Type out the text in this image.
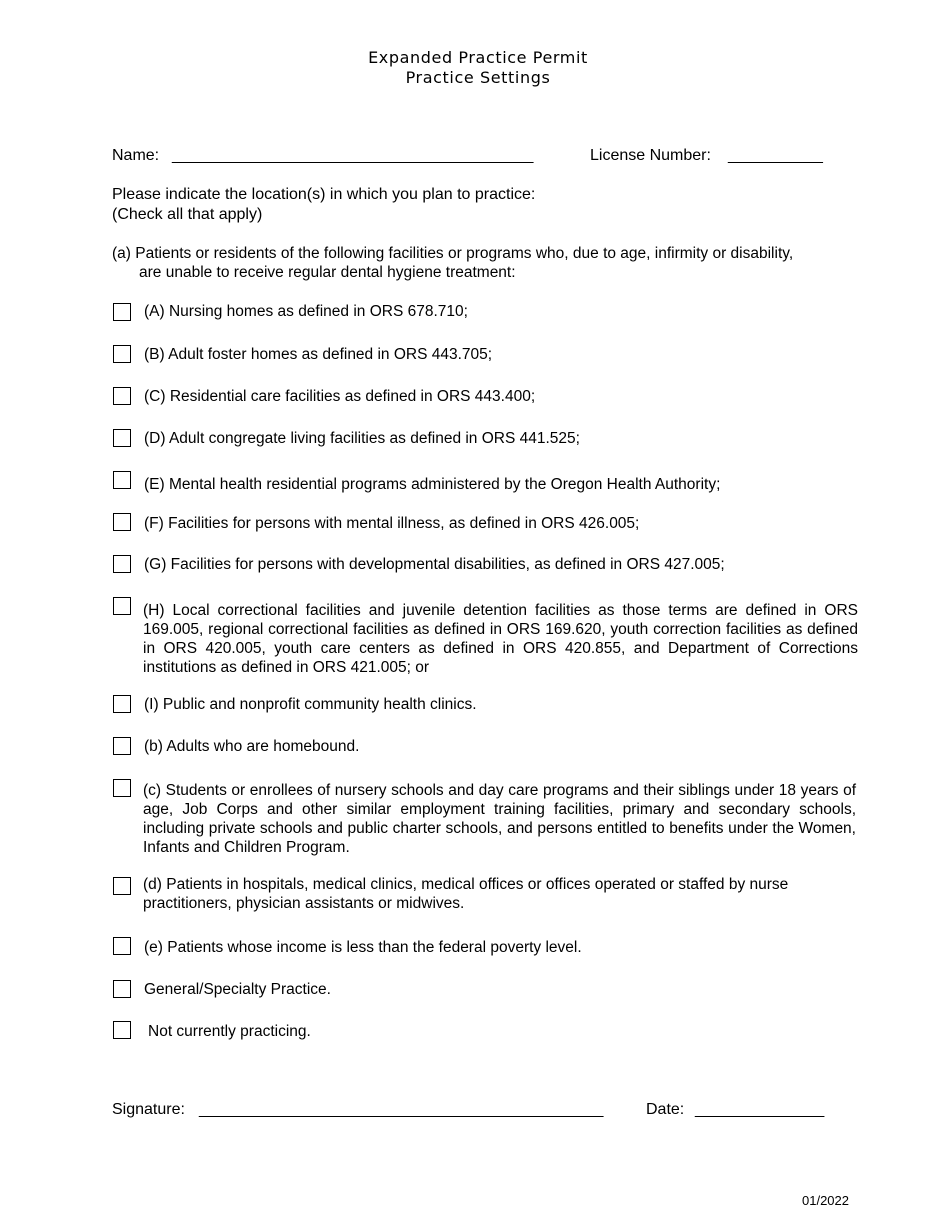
Expanded Practice Permit
Practice Settings
Name: __________________________________________	License Number: ___________
Please indicate the location(s) in which you plan to practice:
(Check all that apply)
(a) Patients or residents of the following facilities or programs who, due to age, infirmity or disability,
are unable to receive regular dental hygiene treatment:
(A) Nursing homes as defined in ORS 678.710;
(B) Adult foster homes as defined in ORS 443.705;
(C) Residential care facilities as defined in ORS 443.400;
(D) Adult congregate living facilities as defined in ORS 441.525;
(E) Mental health residential programs administered by the Oregon Health Authority;
(F) Facilities for persons with mental illness, as defined in ORS 426.005;
(G) Facilities for persons with developmental disabilities, as defined in ORS 427.005;
(H) Local correctional facilities and juvenile detention facilities as those terms are defined in ORS 169.005, regional correctional facilities as defined in ORS 169.620, youth correction facilities as defined in ORS 420.005, youth care centers as defined in ORS 420.855, and Department of Corrections institutions as defined in ORS 421.005; or
(I) Public and nonprofit community health clinics.
(b) Adults who are homebound.
(c) Students or enrollees of nursery schools and day care programs and their siblings under 18 years of age, Job Corps and other similar employment training facilities, primary and secondary schools, including private schools and public charter schools, and persons entitled to benefits under the Women, Infants and Children Program.
(d) Patients in hospitals, medical clinics, medical offices or offices operated or staffed by nurse practitioners, physician assistants or midwives.
(e) Patients whose income is less than the federal poverty level.
General/Specialty Practice.
Not currently practicing.
Signature: _______________________________________________	Date: _______________
01/2022
